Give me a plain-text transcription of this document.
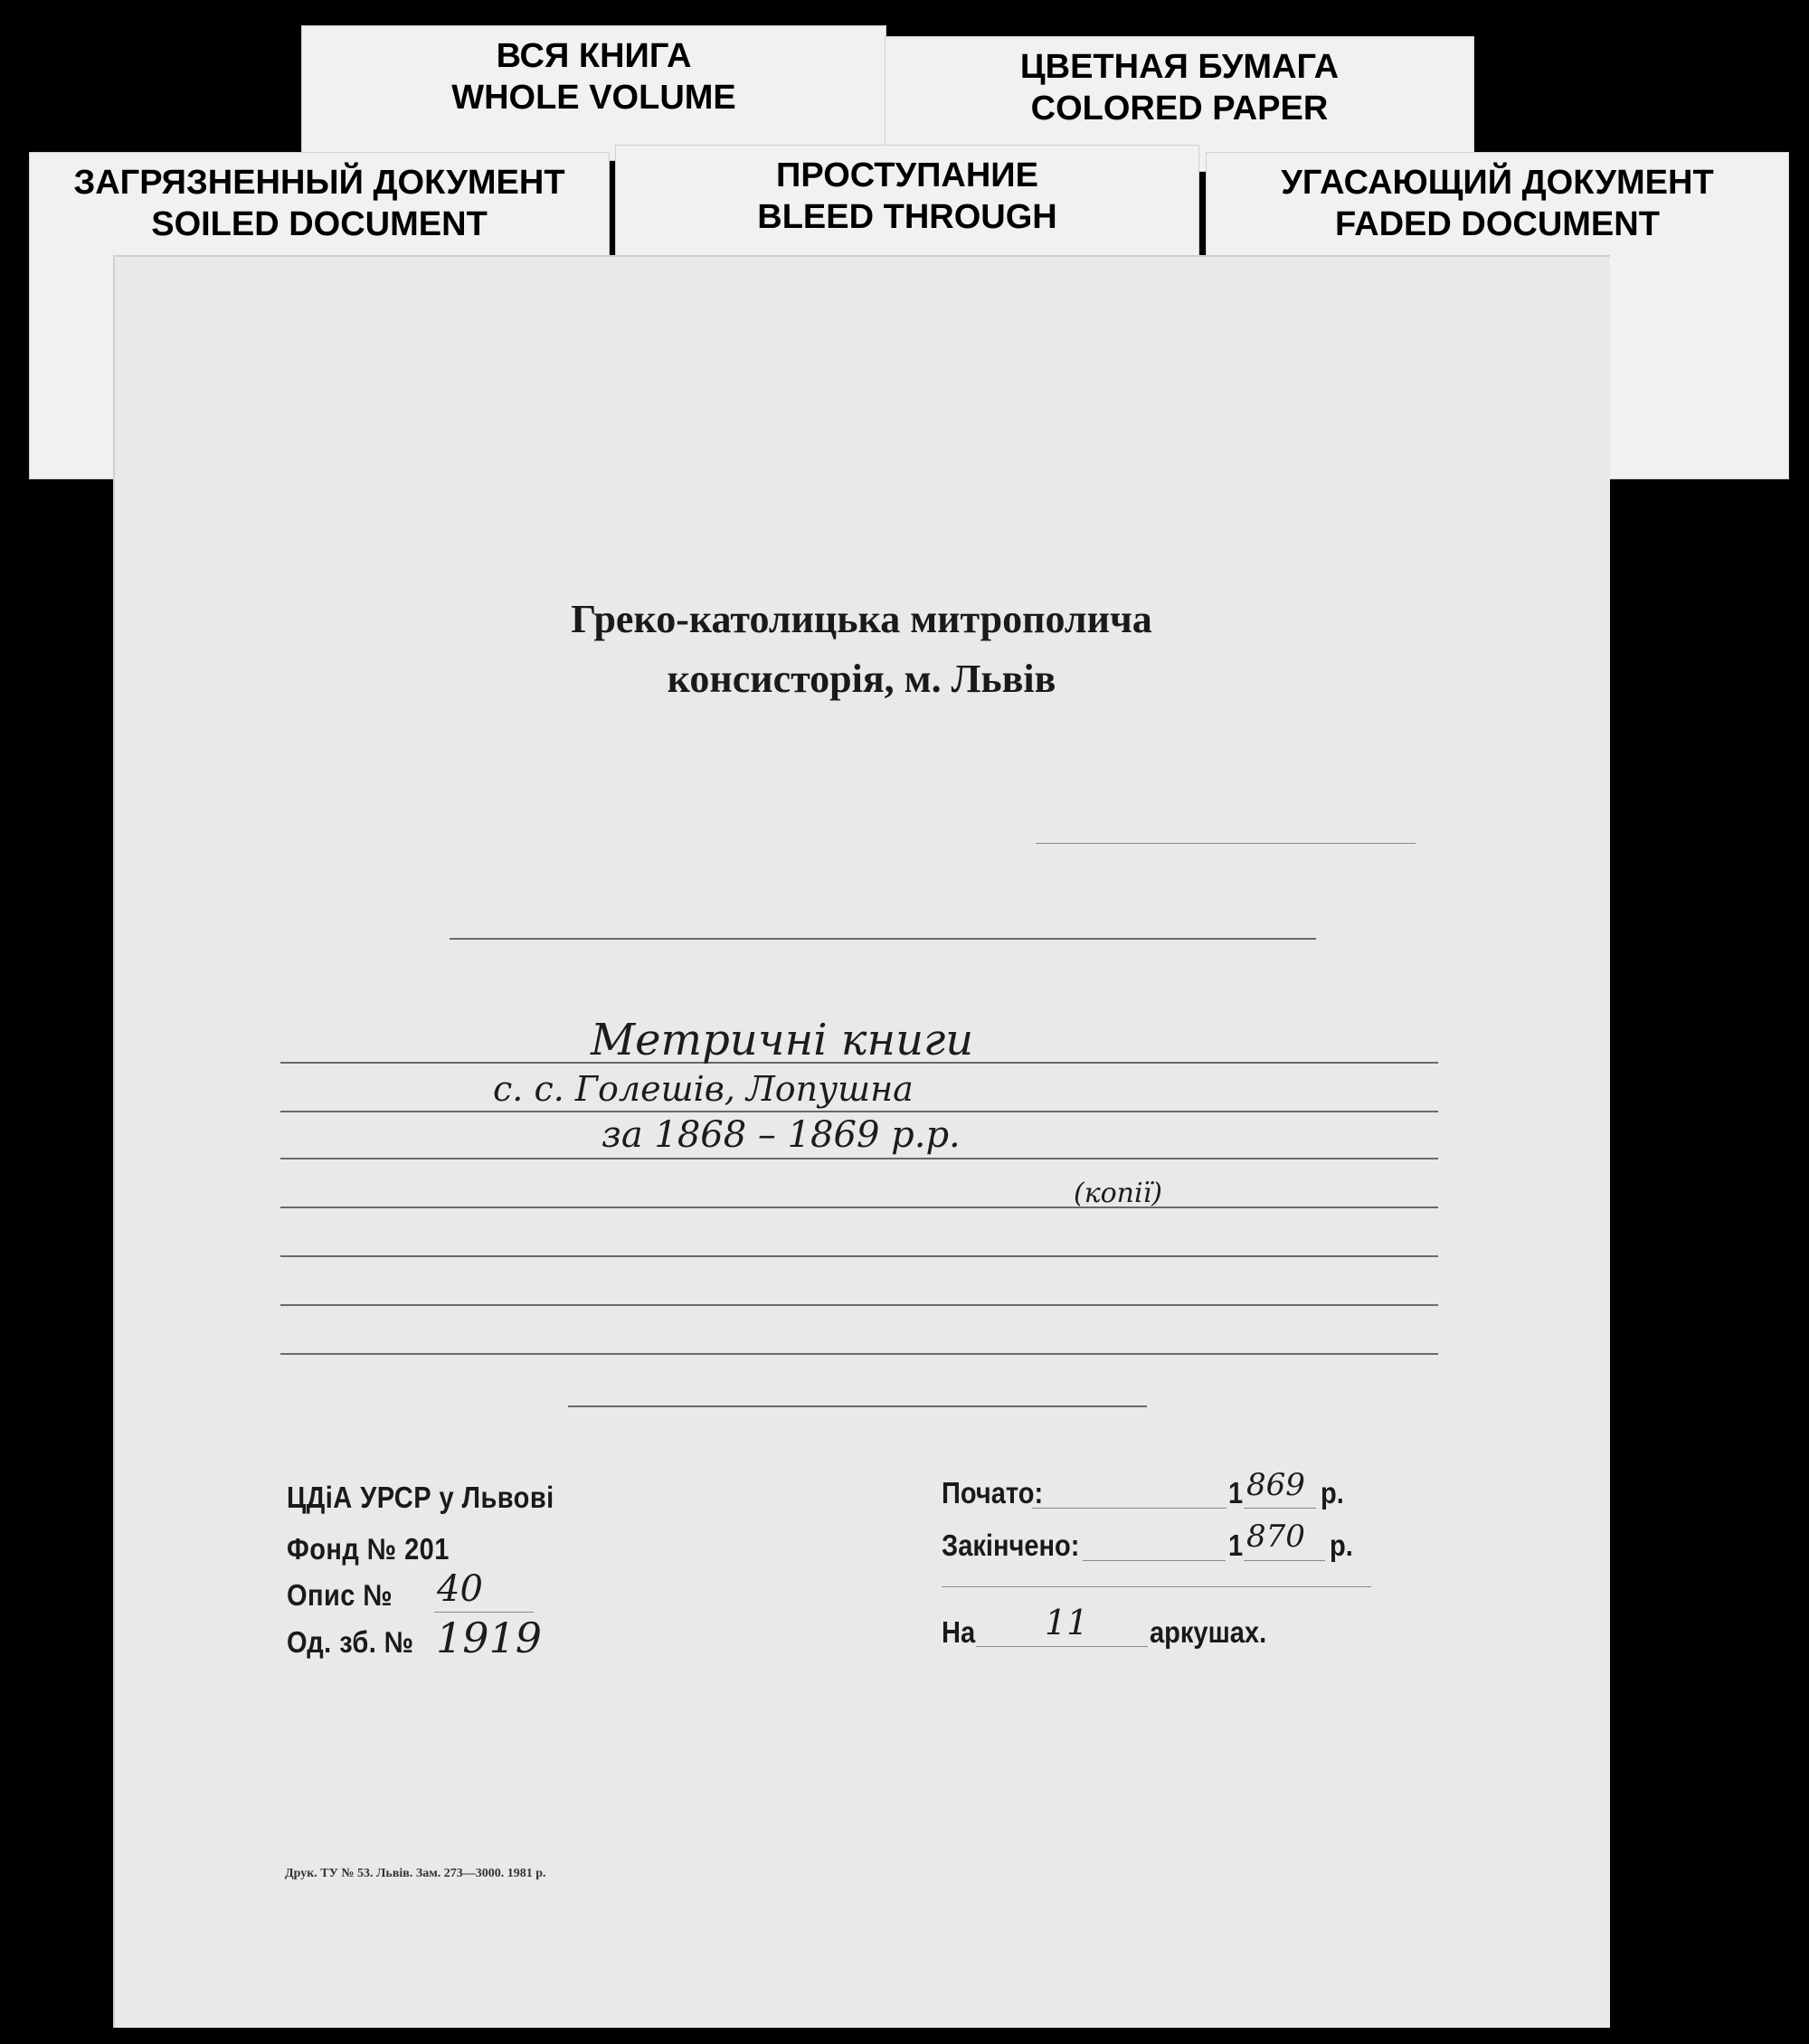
ВСЯ КНИГА
WHOLE VOLUME
ЦВЕТНАЯ БУМАГА
COLORED PAPER
ЗАГРЯЗНЕННЫЙ ДОКУМЕНТ
SOILED DOCUMENT
ПРОСТУПАНИЕ
BLEED THROUGH
УГАСАЮЩИЙ ДОКУМЕНТ
FADED DOCUMENT
Греко-католицька митрополича
консисторія, м. Львів
Метричні книги
с. с. Голешів, Лопушна
за 1868 – 1869 р.р.
(копії)
ЦДіА УРСР у Львові
Фонд № 201
Опис № 40
Од. зб. № 1919
Почато:	1 869 р.
Закінчено:	1 870 р.
На 11 аркушах.
Друк. ТУ № 53. Львів. Зам. 273—3000. 1981 р.
